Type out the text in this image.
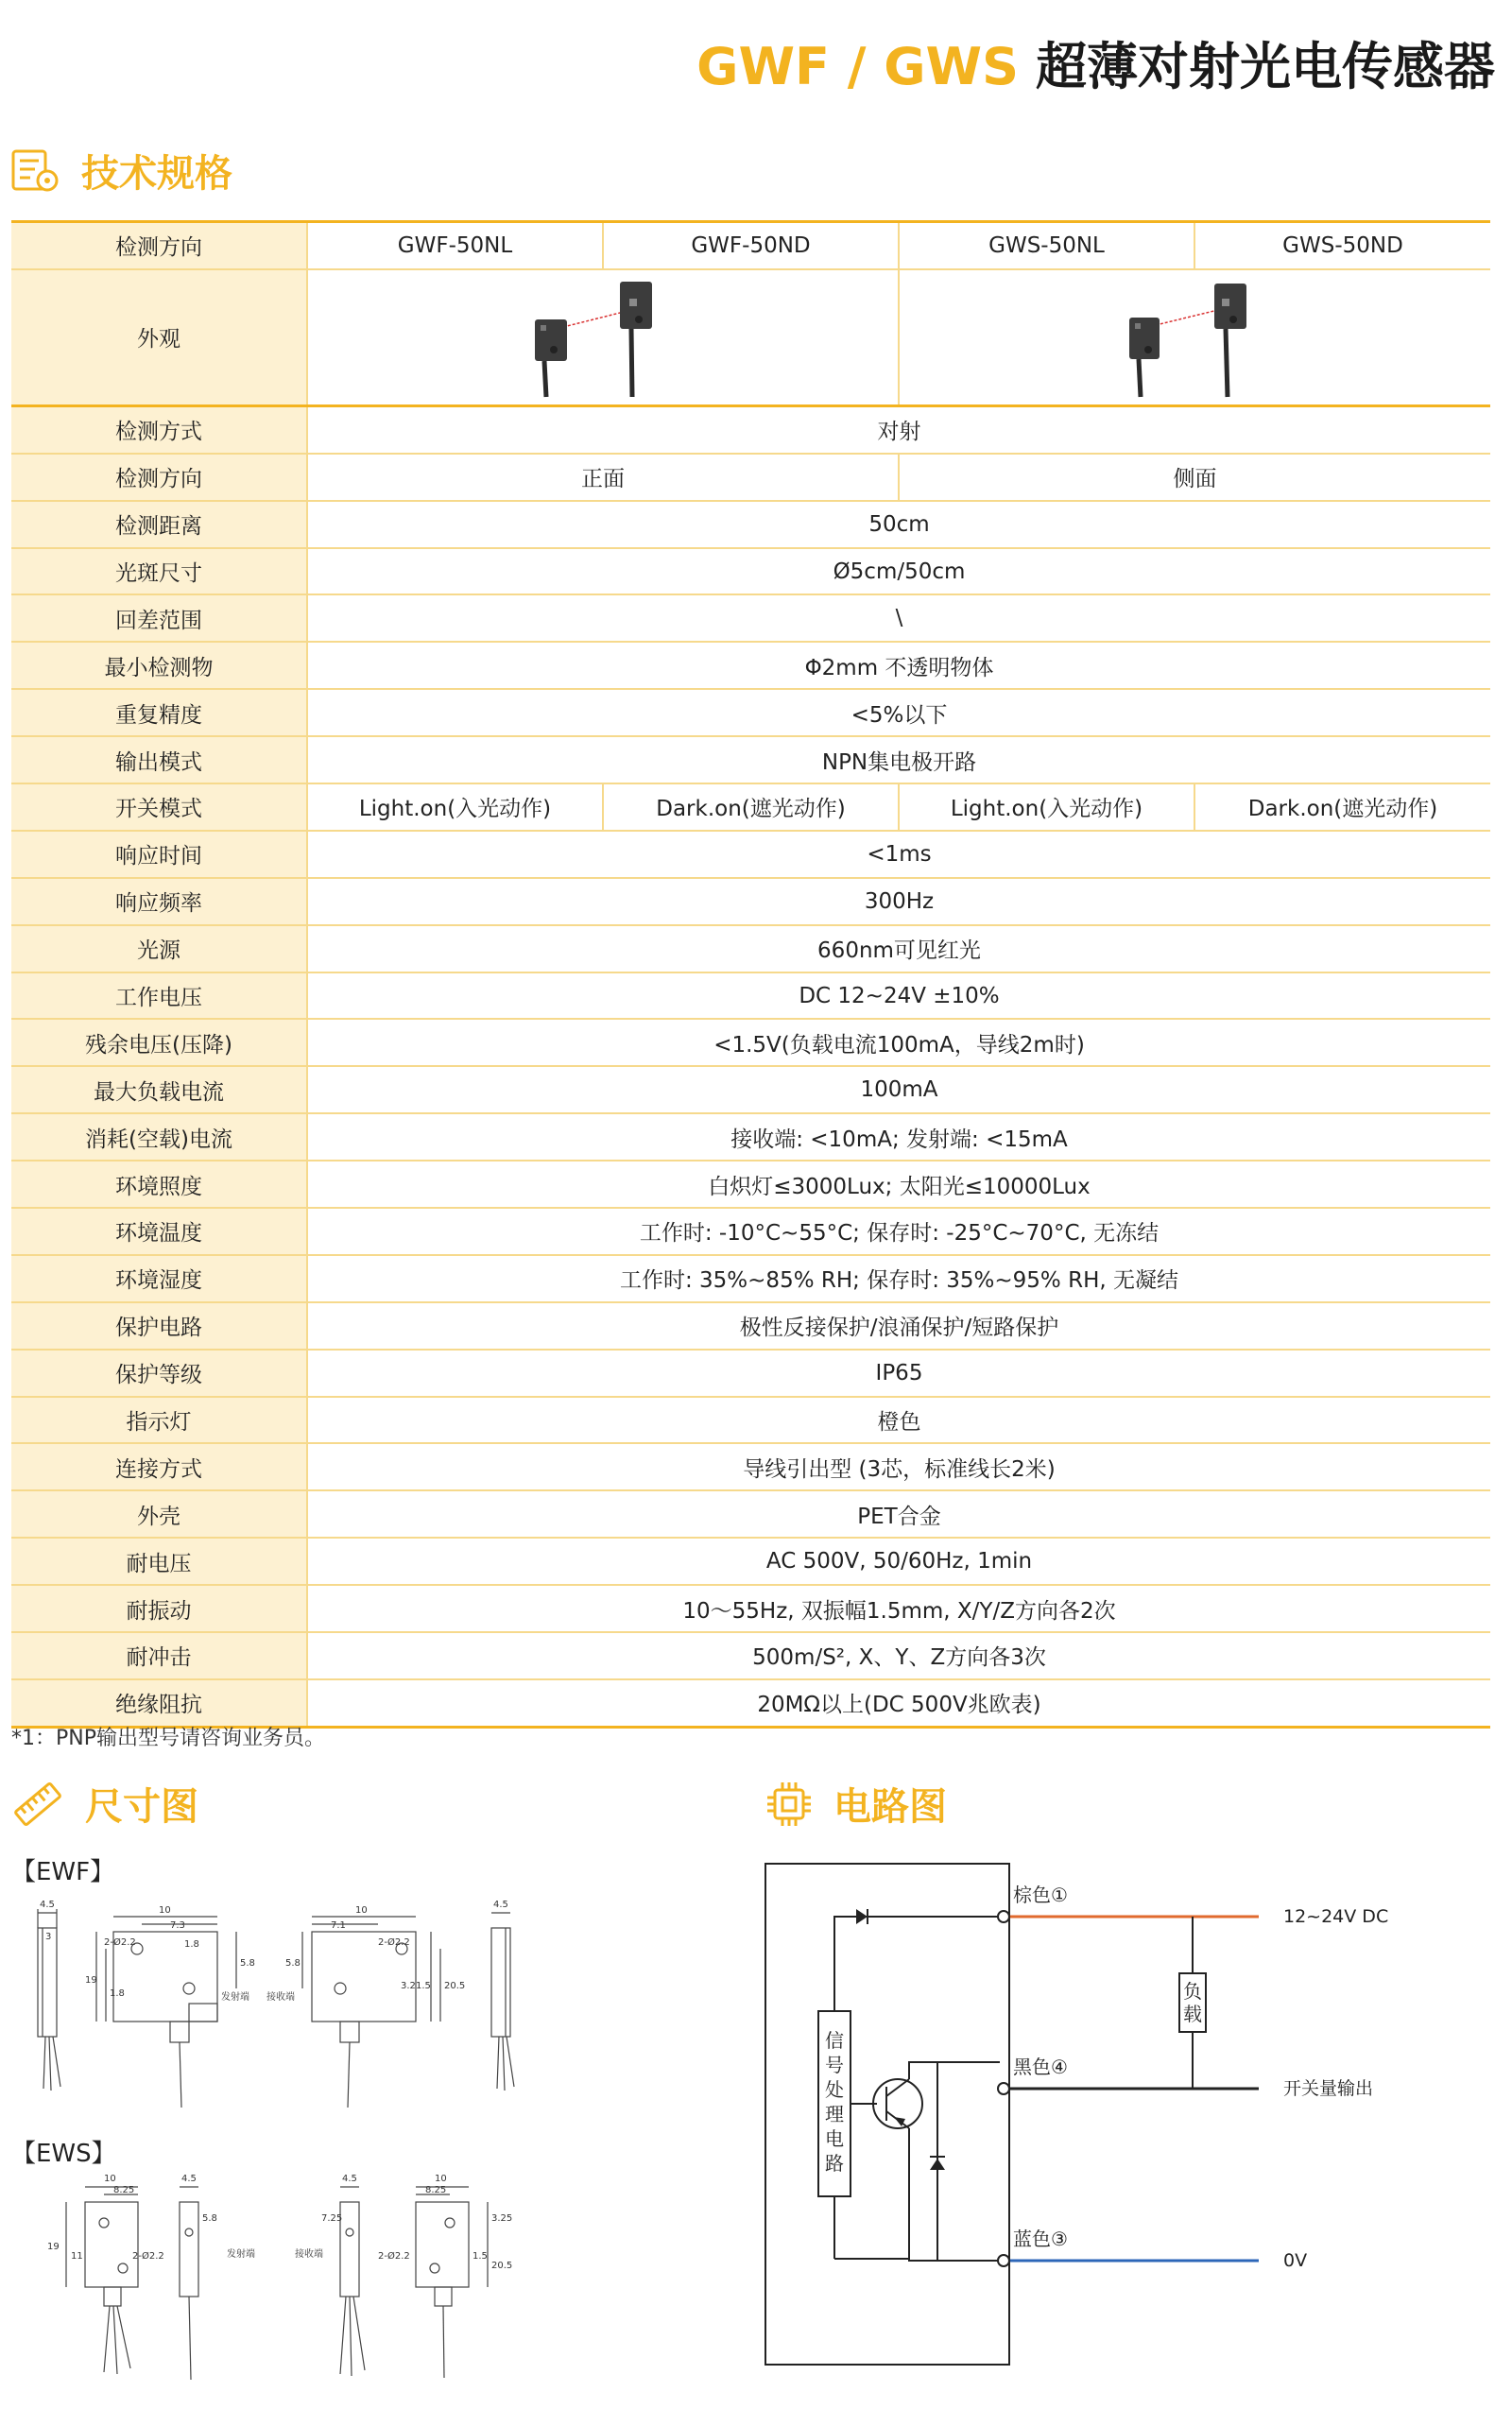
GWF / GWS 超薄对射光电传感器
技术规格
检测方向	GWF-50NL	GWF-50ND	GWS-50NL	GWS-50ND
外观		
检测方式	对射			
检测方向	正面		侧面	
检测距离	50cm			
光斑尺寸	Ø5cm/50cm			
回差范围	\			
最小检测物	Φ2mm 不透明物体			
重复精度	<5%以下			
输出模式	NPN集电极开路			
开关模式	Light.on(入光动作)	Dark.on(遮光动作)	Light.on(入光动作)	Dark.on(遮光动作)
响应时间	<1ms			
响应频率	300Hz			
光源	660nm可见红光			
工作电压	DC 12~24V ±10%			
残余电压(压降)	<1.5V(负载电流100mA，导线2m时)			
最大负载电流	100mA			
消耗(空载)电流	接收端: <10mA; 发射端: <15mA			
环境照度	白炽灯≤3000Lux; 太阳光≤10000Lux			
环境温度	工作时: -10°C~55°C; 保存时: -25°C~70°C, 无冻结			
环境湿度	工作时: 35%~85% RH; 保存时: 35%~95% RH, 无凝结			
保护电路	极性反接保护/浪涌保护/短路保护			
保护等级	IP65			
指示灯	橙色			
连接方式	导线引出型 (3芯，标准线长2米)			
外壳	PET合金			
耐电压	AC 500V, 50/60Hz, 1min			
耐振动	10～55Hz, 双振幅1.5mm, X/Y/Z方向各2次			
耐冲击	500m/S², X、Y、Z方向各3次			
绝缘阻抗	20MΩ以上(DC 500V兆欧表)			
*1：PNP输出型号请咨询业务员。
尺寸图	电路图
【EWF】
【EWS】
4.5
3
10
7.3
1.8
2-Ø2.2
19
1.8
5.8
发射端
10
7.1
2-Ø2.2
5.8
接收端
3.2 1.5 20.5
4.5
10
8.25
19
11	2-Ø2.2
4.5
5.8
发射端
4.5
7.25
接收端
10
8.25
2-Ø2.2
3.25
1.5
20.5
信号处理电路
负
载
棕色①
黑色④
蓝色③
12~24V DC
开关量输出
0V
